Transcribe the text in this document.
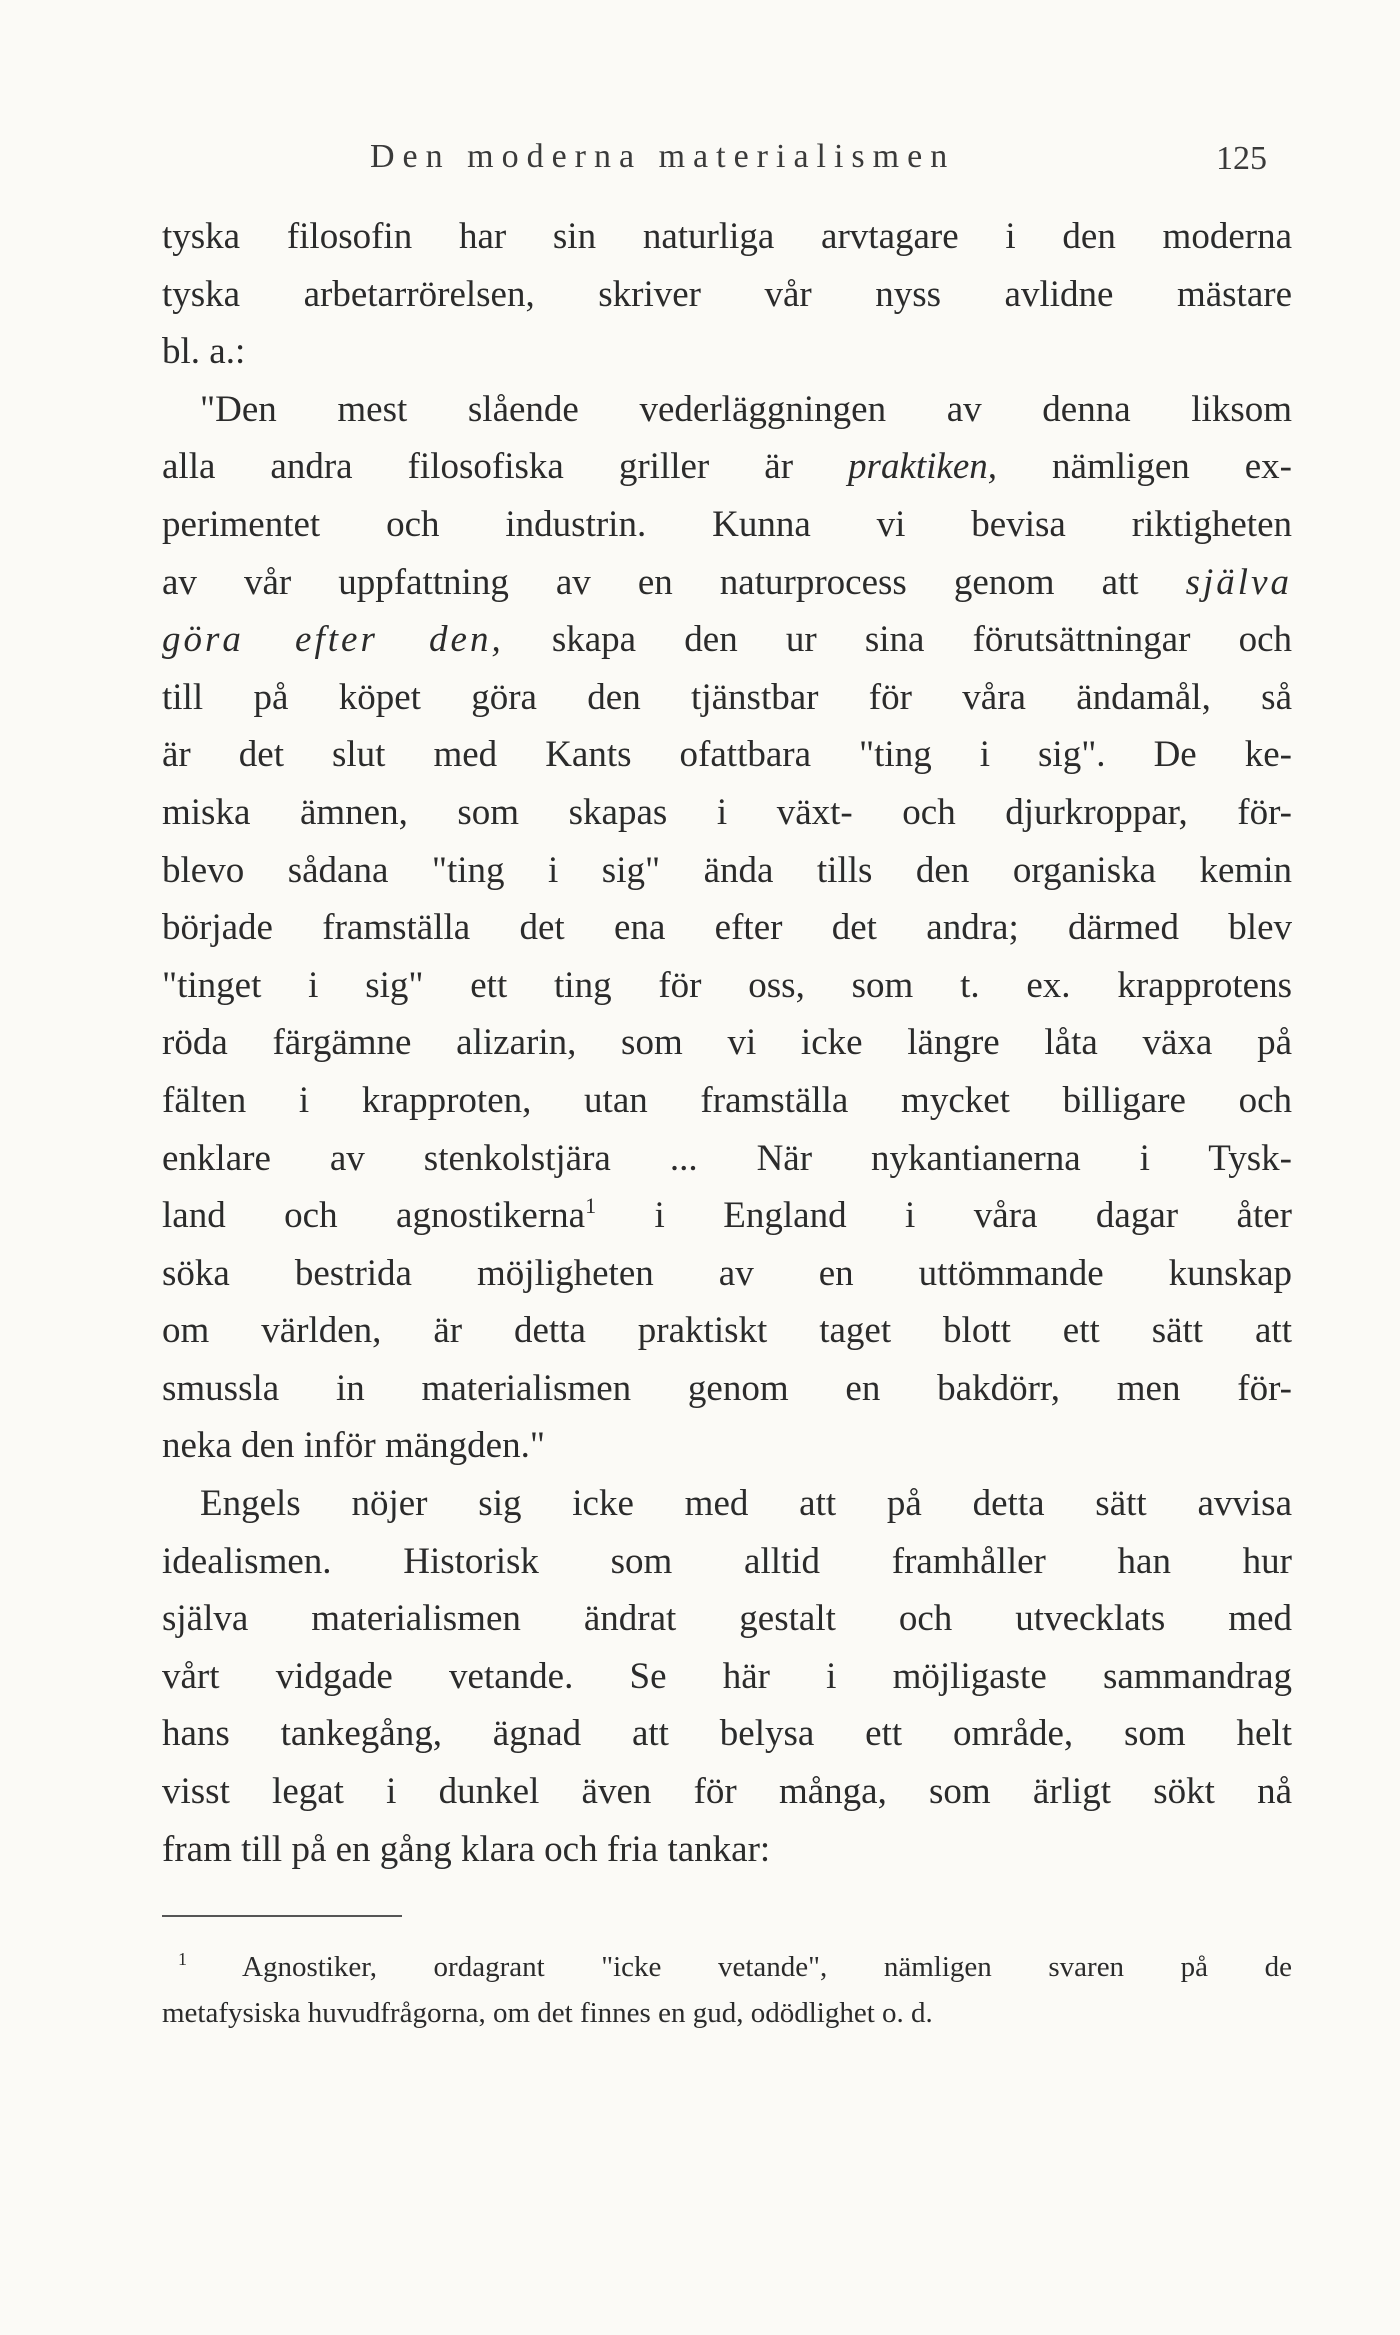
Den moderna materialismen	125
tyska filosofin har sin naturliga arvtagare i den moderna
tyska arbetarrörelsen, skriver vår nyss avlidne mästare
bl. a.:
"Den mest slående vederläggningen av denna liksom
alla andra filosofiska griller är praktiken, nämligen ex-
perimentet och industrin. Kunna vi bevisa riktigheten
av vår uppfattning av en naturprocess genom att själva
göra efter den, skapa den ur sina förutsättningar och
till på köpet göra den tjänstbar för våra ändamål, så
är det slut med Kants ofattbara "ting i sig". De ke-
miska ämnen, som skapas i växt- och djurkroppar, för-
blevo sådana "ting i sig" ända tills den organiska kemin
började framställa det ena efter det andra; därmed blev
"tinget i sig" ett ting för oss, som t. ex. krapprotens
röda färgämne alizarin, som vi icke längre låta växa på
fälten i krapproten, utan framställa mycket billigare och
enklare av stenkolstjära ... När nykantianerna i Tysk-
land och agnostikerna$^1$ i England i våra dagar åter
söka bestrida möjligheten av en uttömmande kunskap
om världen, är detta praktiskt taget blott ett sätt att
smussla in materialismen genom en bakdörr, men för-
neka den inför mängden."
Engels nöjer sig icke med att på detta sätt avvisa
idealismen. Historisk som alltid framhåller han hur
själva materialismen ändrat gestalt och utvecklats med
vårt vidgade vetande. Se här i möjligaste sammandrag
hans tankegång, ägnad att belysa ett område, som helt
visst legat i dunkel även för många, som ärligt sökt nå
fram till på en gång klara och fria tankar:
$^1$ Agnostiker, ordagrant "icke vetande", nämligen svaren på de
metafysiska huvudfrågorna, om det finnes en gud, odödlighet o. d.
